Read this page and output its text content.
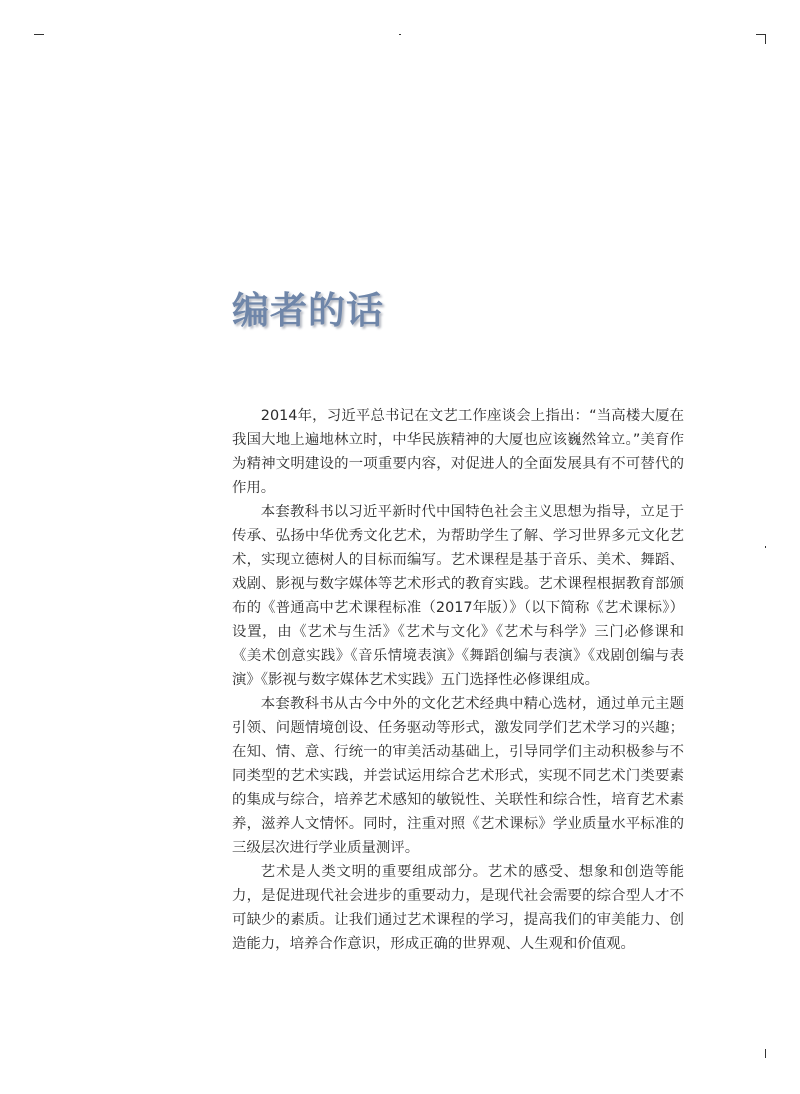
编者的话

2014年，习近平总书记在文艺工作座谈会上指出：“当高楼大厦在我国大地上遍地林立时，中华民族精神的大厦也应该巍然耸立。”美育作为精神文明建设的一项重要内容，对促进人的全面发展具有不可替代的作用。

本套教科书以习近平新时代中国特色社会主义思想为指导，立足于传承、弘扬中华优秀文化艺术，为帮助学生了解、学习世界多元文化艺术，实现立德树人的目标而编写。艺术课程是基于音乐、美术、舞蹈、戏剧、影视与数字媒体等艺术形式的教育实践。艺术课程根据教育部颁布的《普通高中艺术课程标准（2017年版）》（以下简称《艺术课标》）设置，由《艺术与生活》《艺术与文化》《艺术与科学》三门必修课和《美术创意实践》《音乐情境表演》《舞蹈创编与表演》《戏剧创编与表演》《影视与数字媒体艺术实践》五门选择性必修课组成。

本套教科书从古今中外的文化艺术经典中精心选材，通过单元主题引领、问题情境创设、任务驱动等形式，激发同学们艺术学习的兴趣；在知、情、意、行统一的审美活动基础上，引导同学们主动积极参与不同类型的艺术实践，并尝试运用综合艺术形式，实现不同艺术门类要素的集成与综合，培养艺术感知的敏锐性、关联性和综合性，培育艺术素养，滋养人文情怀。同时，注重对照《艺术课标》学业质量水平标准的三级层次进行学业质量测评。

艺术是人类文明的重要组成部分。艺术的感受、想象和创造等能力，是促进现代社会进步的重要动力，是现代社会需要的综合型人才不可缺少的素质。让我们通过艺术课程的学习，提高我们的审美能力、创造能力，培养合作意识，形成正确的世界观、人生观和价值观。
